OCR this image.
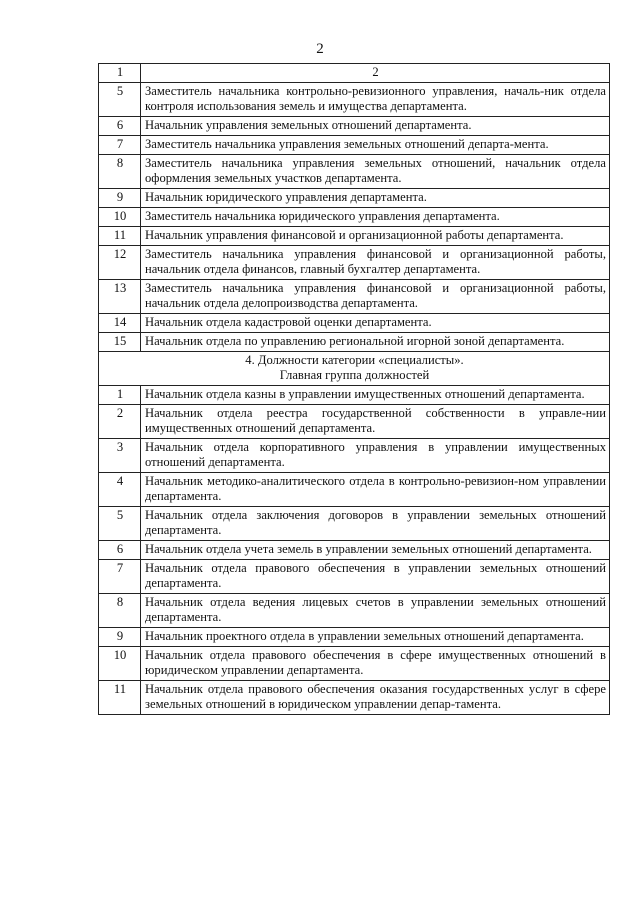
2
1	2
5	Заместитель начальника контрольно-ревизионного управления, началь-ник отдела контроля использования земель и имущества департамента.
6	Начальник управления земельных отношений департамента.
7	Заместитель начальника управления земельных отношений департа-мента.
8	Заместитель начальника управления земельных отношений, начальник отдела оформления земельных участков департамента.
9	Начальник юридического управления департамента.
10	Заместитель начальника юридического управления департамента.
11	Начальник управления финансовой и организационной работы департамента.
12	Заместитель начальника управления финансовой и организационной работы, начальник отдела финансов, главный бухгалтер департамента.
13	Заместитель начальника управления финансовой и организационной работы, начальник отдела делопроизводства департамента.
14	Начальник отдела кадастровой оценки департамента.
15	Начальник отдела по управлению региональной игорной зоной департамента.

4. Должности категории «специалисты».
Главная группа должностей	

1	Начальник отдела казны в управлении имущественных отношений департамента.
2	Начальник отдела реестра государственной собственности в управле-нии имущественных отношений департамента.
3	Начальник отдела корпоративного управления в управлении имущественных отношений департамента.
4	Начальник методико-аналитического отдела в контрольно-ревизион-ном управлении департамента.
5	Начальник отдела заключения договоров в управлении земельных отношений департамента.
6	Начальник отдела учета земель в управлении земельных отношений департамента.
7	Начальник отдела правового обеспечения в управлении земельных отношений департамента.
8	Начальник отдела ведения лицевых счетов в управлении земельных отношений департамента.
9	Начальник проектного отдела в управлении земельных отношений департамента.
10	Начальник отдела правового обеспечения в сфере имущественных отношений в юридическом управлении департамента.
11	Начальник отдела правового обеспечения оказания государственных услуг в сфере земельных отношений в юридическом управлении депар-тамента.
